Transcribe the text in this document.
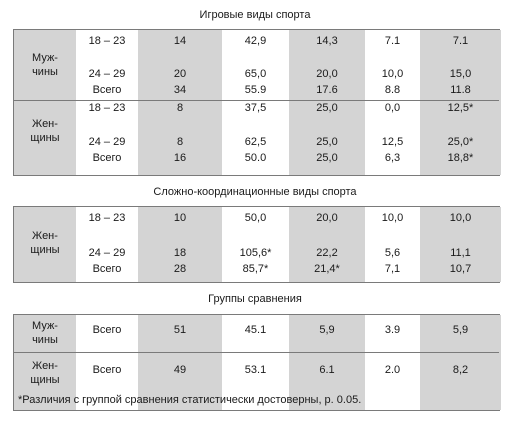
Игровые виды спорта
Муж-
чины
18 – 23	14	42,9	14,3	7.1	7.1
24 – 29	20	65,0	20,0	10,0	15,0
Всего	34	55.9	17.6	8.8	11.8
Жен-
щины
18 – 23	8	37,5	25,0	0,0	12,5*
24 – 29	8	62,5	25,0	12,5	25,0*
Всего	16	50.0	25,0	6,3	18,8*
Сложно-координационные виды спорта
Жен-
щины
18 – 23	10	50,0	20,0	10,0	10,0
24 – 29	18	105,6*	22,2	5,6	11,1
Всего	28	85,7*	21,4*	7,1	10,7
Группы сравнения
Муж-
чины
Всего	51	45.1	5,9	3.9	5,9
Жен-
щины
Всего	49	53.1	6.1	2.0	8,2
*Различия с группой сравнения статистически достоверны, p. 0.05.
